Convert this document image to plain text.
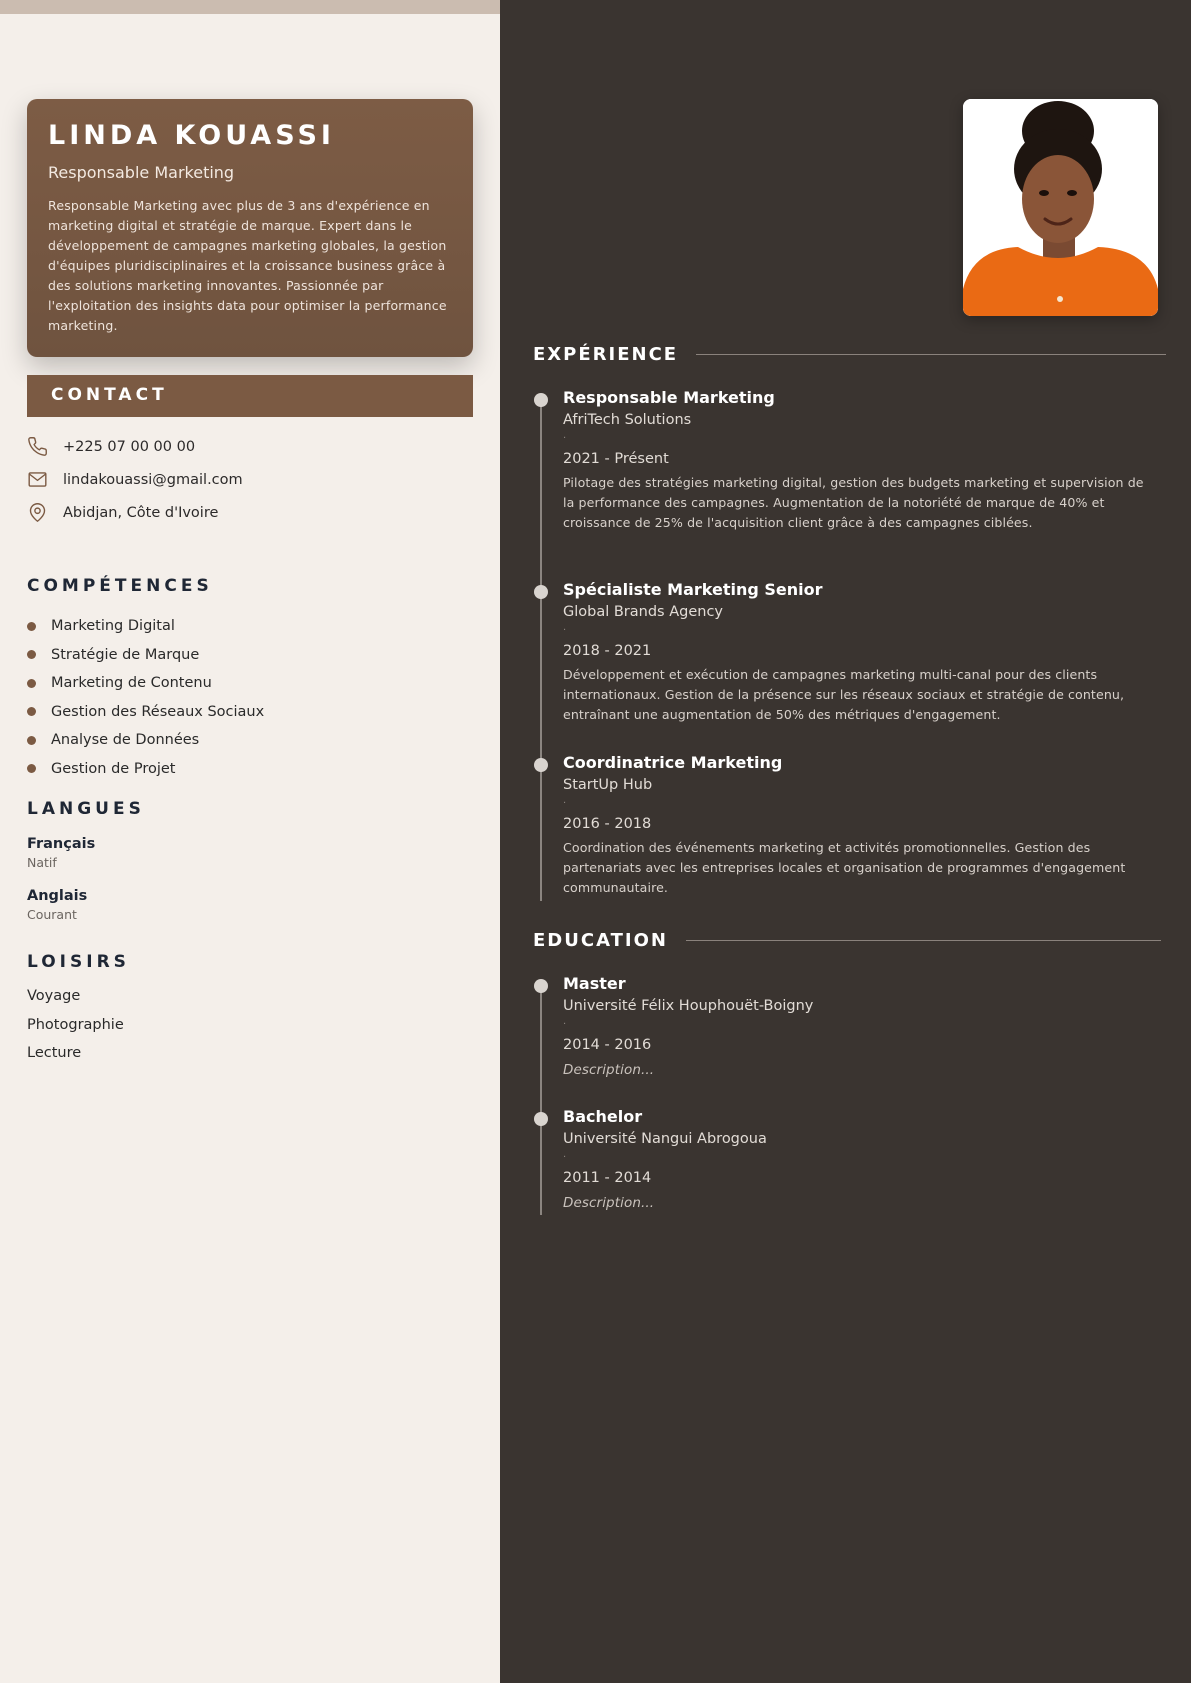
LINDA KOUASSI
Responsable Marketing
Responsable Marketing avec plus de 3 ans d'expérience en marketing digital et stratégie de marque. Expert dans le développement de campagnes marketing globales, la gestion d'équipes pluridisciplinaires et la croissance business grâce à des solutions marketing innovantes. Passionnée par l'exploitation des insights data pour optimiser la performance marketing.
CONTACT
+225 07 00 00 00
lindakouassi@gmail.com
Abidjan, Côte d'Ivoire
COMPÉTENCES
Marketing Digital
Stratégie de Marque
Marketing de Contenu
Gestion des Réseaux Sociaux
Analyse de Données
Gestion de Projet
LANGUES
Français
Natif
Anglais
Courant
LOISIRS
Voyage
Photographie
Lecture
EXPÉRIENCE
Responsable Marketing
AfriTech Solutions
.
2021 - Présent
Pilotage des stratégies marketing digital, gestion des budgets marketing et supervision de la performance des campagnes. Augmentation de la notoriété de marque de 40% et croissance de 25% de l'acquisition client grâce à des campagnes ciblées.
Spécialiste Marketing Senior
Global Brands Agency
.
2018 - 2021
Développement et exécution de campagnes marketing multi-canal pour des clients internationaux. Gestion de la présence sur les réseaux sociaux et stratégie de contenu, entraînant une augmentation de 50% des métriques d'engagement.
Coordinatrice Marketing
StartUp Hub
.
2016 - 2018
Coordination des événements marketing et activités promotionnelles. Gestion des partenariats avec les entreprises locales et organisation de programmes d'engagement communautaire.
EDUCATION
Master
Université Félix Houphouët-Boigny
.
2014 - 2016
Description...
Bachelor
Université Nangui Abrogoua
.
2011 - 2014
Description...
